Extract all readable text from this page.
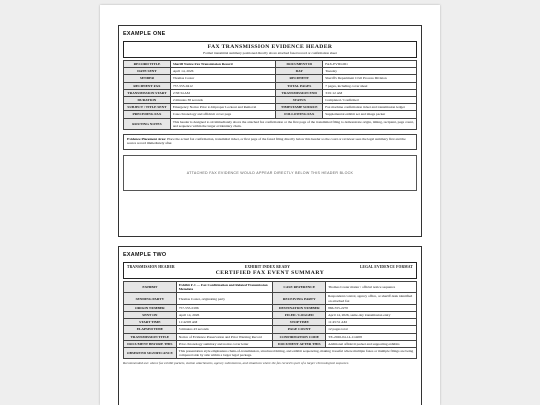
EXAMPLE ONE
FAX TRANSMISSION EVIDENCE HEADER
Formal transmittal summary positioned directly above attached faxed record or confirmation sheet
RECORD TITLE	Sheriff Notice Fax Transmission Record	DOCUMENT ID	FAX-EVID-061
DATE SENT	April 14, 2026	DAY	Tuesday
SENDER	Thomas Coster	RECIPIENT	Sheriff's Department Civil Process Division
RECIPIENT FAX	757-555-0412	TOTAL PAGES	7 pages, including cover sheet
TRANSMISSION START	2:58:34 AM	TRANSMISSION END	3:01:12 AM
DURATION	2 minutes 38 seconds	STATUS	Completed / Confirmed
SUBJECT / TITLE SENT	Emergency Notice Prior to Improper Lockout and Removal	TIMESTAMP SOURCE	Fax machine confirmation ticket and transmission ledger
PRECEDING FAX	Case chronology and affidavit cover page	FOLLOWING FAX	Supplemental exhibit set and image packet
ROUTING NOTES	This header is designed to sit immediately above the attached fax confirmation or the first page of the transmitted filing to demonstrate origin, timing, recipient, page count, and sequence within the larger evidentiary chain.		
Evidence Placement Area: Place the actual fax confirmation, transmittal ticket, or first page of the faxed filing directly below this header so the court or reviewer sees the legal summary first and the source record immediately after.
ATTACHED FAX EVIDENCE WOULD APPEAR DIRECTLY BELOW THIS HEADER BLOCK
EXAMPLE TWO
TRANSMISSION HEADER	EXHIBIT INDEX READY	LEGAL EVIDENCE FORMAT
CERTIFIED FAX EVENT SUMMARY
EXHIBIT	Exhibit F-1 — Fax Confirmation and Related Transmission Metadata	CASE REFERENCE	Thomas Coster matter / official notice sequence
SENDING PARTY	Thomas Coster, originating party	RECEIVING PARTY	Respondent control, agency office, or sheriff desk identified on attached fax
ORIGIN NUMBER	757-555-0186	DESTINATION NUMBER	866-555-2270
SENT ON	April 14, 2026	FILED / LOGGED	April 14, 2026, same-day transmission entry
START TIME	11:42:08 AM	STOP TIME	11:45:51 AM
ELAPSED TIME	3 minutes 43 seconds	PAGE COUNT	12 pages total
TRANSMISSION TITLE	Notice of Evidence Preservation and Prior Warning Record	CONFIRMATION CODE	TX-2026-04-14-114208
DOCUMENT BEFORE THIS	Prior chronology summary and notice cover letter	DOCUMENT AFTER THIS	Additional affidavit packet and supporting exhibits
OBSERVED SIGNIFICANCE	This presentation style emphasizes chain-of-transmission, structured timing, and exhibit sequencing, making it useful where multiple faxes or multiple filings are being compared side by side within a larger legal package.		
Recommended use: above fax exhibit packets, station attachments, agency submissions, and situations where the fax record is part of a larger chronological sequence.
